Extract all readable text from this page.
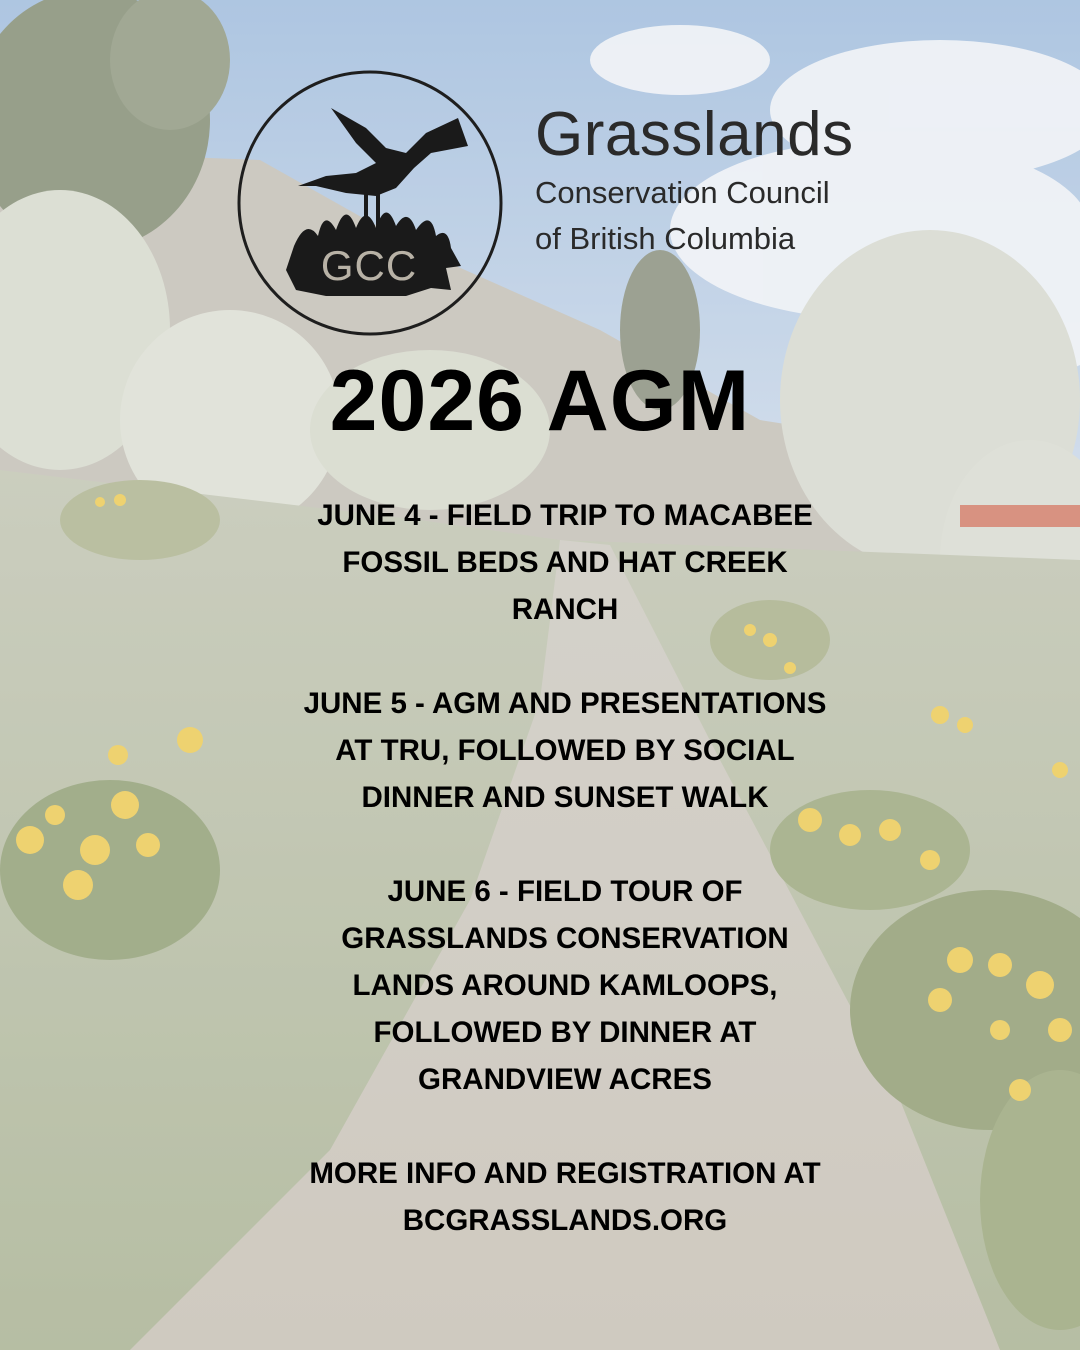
GCC

Grasslands

Conservation Council

of British Columbia

2026 AGM

JUNE 4 - FIELD TRIP TO MACABEE
FOSSIL BEDS AND HAT CREEK
RANCH

JUNE 5 - AGM AND PRESENTATIONS
AT TRU, FOLLOWED BY SOCIAL
DINNER AND SUNSET WALK

JUNE 6 - FIELD TOUR OF
GRASSLANDS CONSERVATION
LANDS AROUND KAMLOOPS,
FOLLOWED BY DINNER AT
GRANDVIEW ACRES

MORE INFO AND REGISTRATION AT
BCGRASSLANDS.ORG
